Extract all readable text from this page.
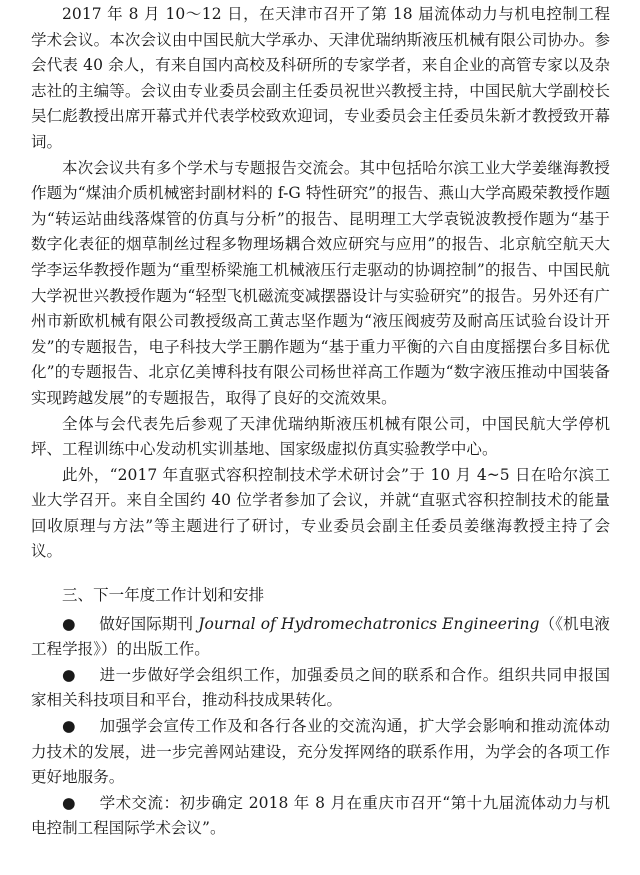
2017 年 8 月 10～12 日，在天津市召开了第 18 届流体动力与机电控制工程学术会议。本次会议由中国民航大学承办、天津优瑞纳斯液压机械有限公司协办。参会代表 40 余人，有来自国内高校及科研所的专家学者，来自企业的高管专家以及杂志社的主编等。会议由专业委员会副主任委员祝世兴教授主持，中国民航大学副校长吴仁彪教授出席开幕式并代表学校致欢迎词，专业委员会主任委员朱新才教授致开幕词。

本次会议共有多个学术与专题报告交流会。其中包括哈尔滨工业大学姜继海教授作题为“煤油介质机械密封副材料的 f-G 特性研究”的报告、燕山大学高殿荣教授作题为“转运站曲线落煤管的仿真与分析”的报告、昆明理工大学袁锐波教授作题为“基于数字化表征的烟草制丝过程多物理场耦合效应研究与应用”的报告、北京航空航天大学李运华教授作题为“重型桥梁施工机械液压行走驱动的协调控制”的报告、中国民航大学祝世兴教授作题为“轻型飞机磁流变减摆器设计与实验研究”的报告。另外还有广州市新欧机械有限公司教授级高工黄志坚作题为“液压阀疲劳及耐高压试验台设计开发”的专题报告，电子科技大学王鹏作题为“基于重力平衡的六自由度摇摆台多目标优化”的专题报告、北京亿美博科技有限公司杨世祥高工作题为“数字液压推动中国装备实现跨越发展”的专题报告，取得了良好的交流效果。

全体与会代表先后参观了天津优瑞纳斯液压机械有限公司，中国民航大学停机坪、工程训练中心发动机实训基地、国家级虚拟仿真实验教学中心。

此外，“2017 年直驱式容积控制技术学术研讨会”于 10 月 4~5 日在哈尔滨工业大学召开。来自全国约 40 位学者参加了会议，并就“直驱式容积控制技术的能量回收原理与方法”等主题进行了研讨，专业委员会副主任委员姜继海教授主持了会议。

三、下一年度工作计划和安排

● 做好国际期刊 Journal of Hydromechatronics Engineering（《机电液工程学报》）的出版工作。

● 进一步做好学会组织工作，加强委员之间的联系和合作。组织共同申报国家相关科技项目和平台，推动科技成果转化。

● 加强学会宣传工作及和各行各业的交流沟通，扩大学会影响和推动流体动力技术的发展，进一步完善网站建设，充分发挥网络的联系作用，为学会的各项工作更好地服务。

● 学术交流：初步确定 2018 年 8 月在重庆市召开“第十九届流体动力与机电控制工程国际学术会议”。
